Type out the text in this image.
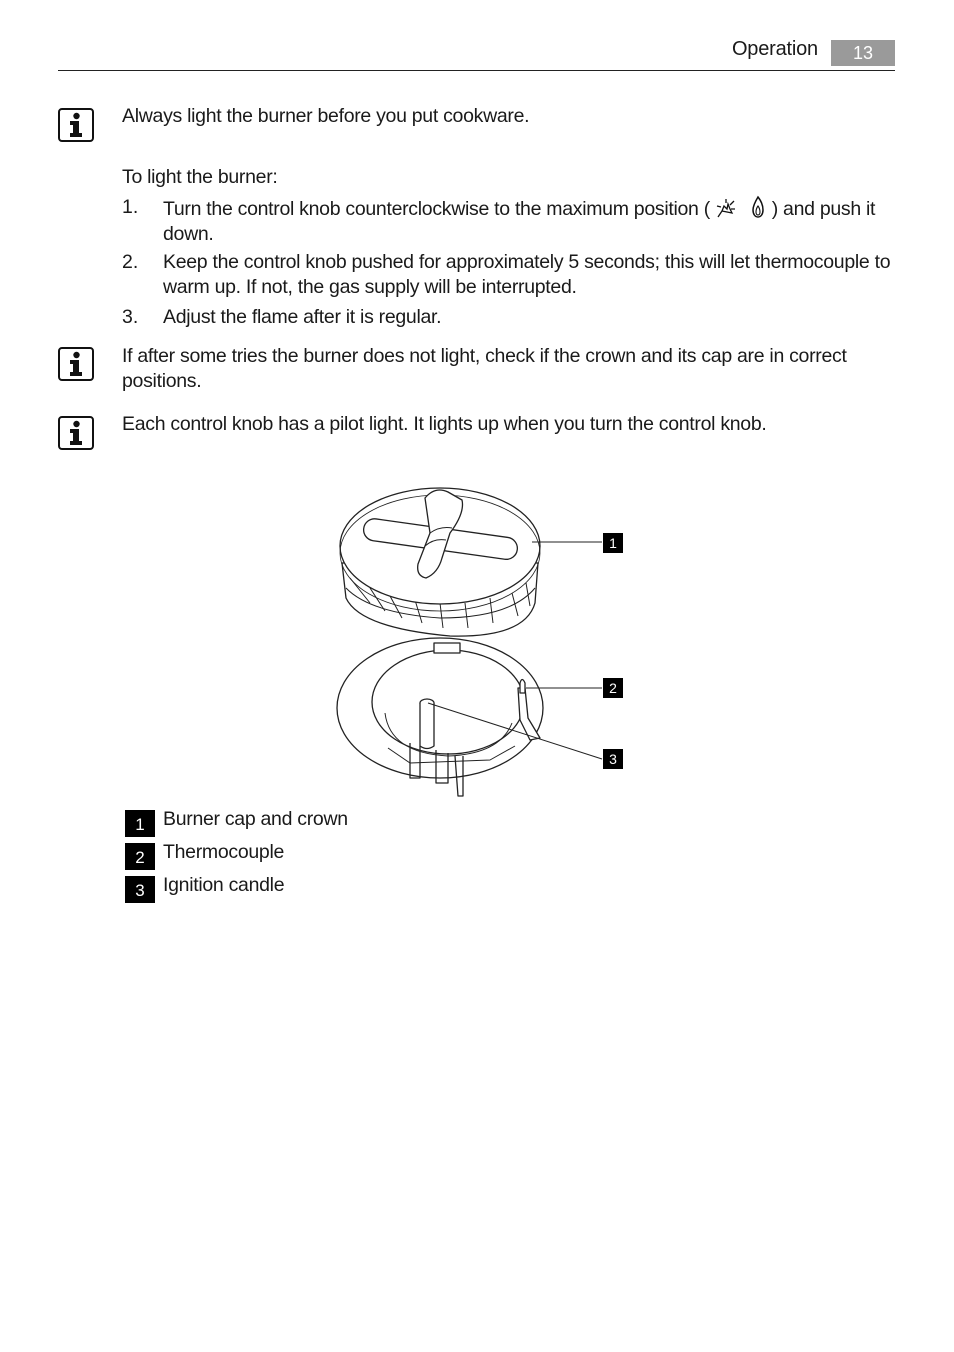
Operation	13
Always light the burner before you put cookware.
To light the burner:
1. Turn the control knob counterclockwise to the maximum position (   	) and push it down.
2. Keep the control knob pushed for approximately 5 seconds; this will let thermocouple to warm up. If not, the gas supply will be interrupted.
3. Adjust the flame after it is regular.
If after some tries the burner does not light, check if the crown and its cap are in correct positions.
Each control knob has a pilot light. It lights up when you turn the control knob.
1
2
3
1 Burner cap and crown
2 Thermocouple
3 Ignition candle
